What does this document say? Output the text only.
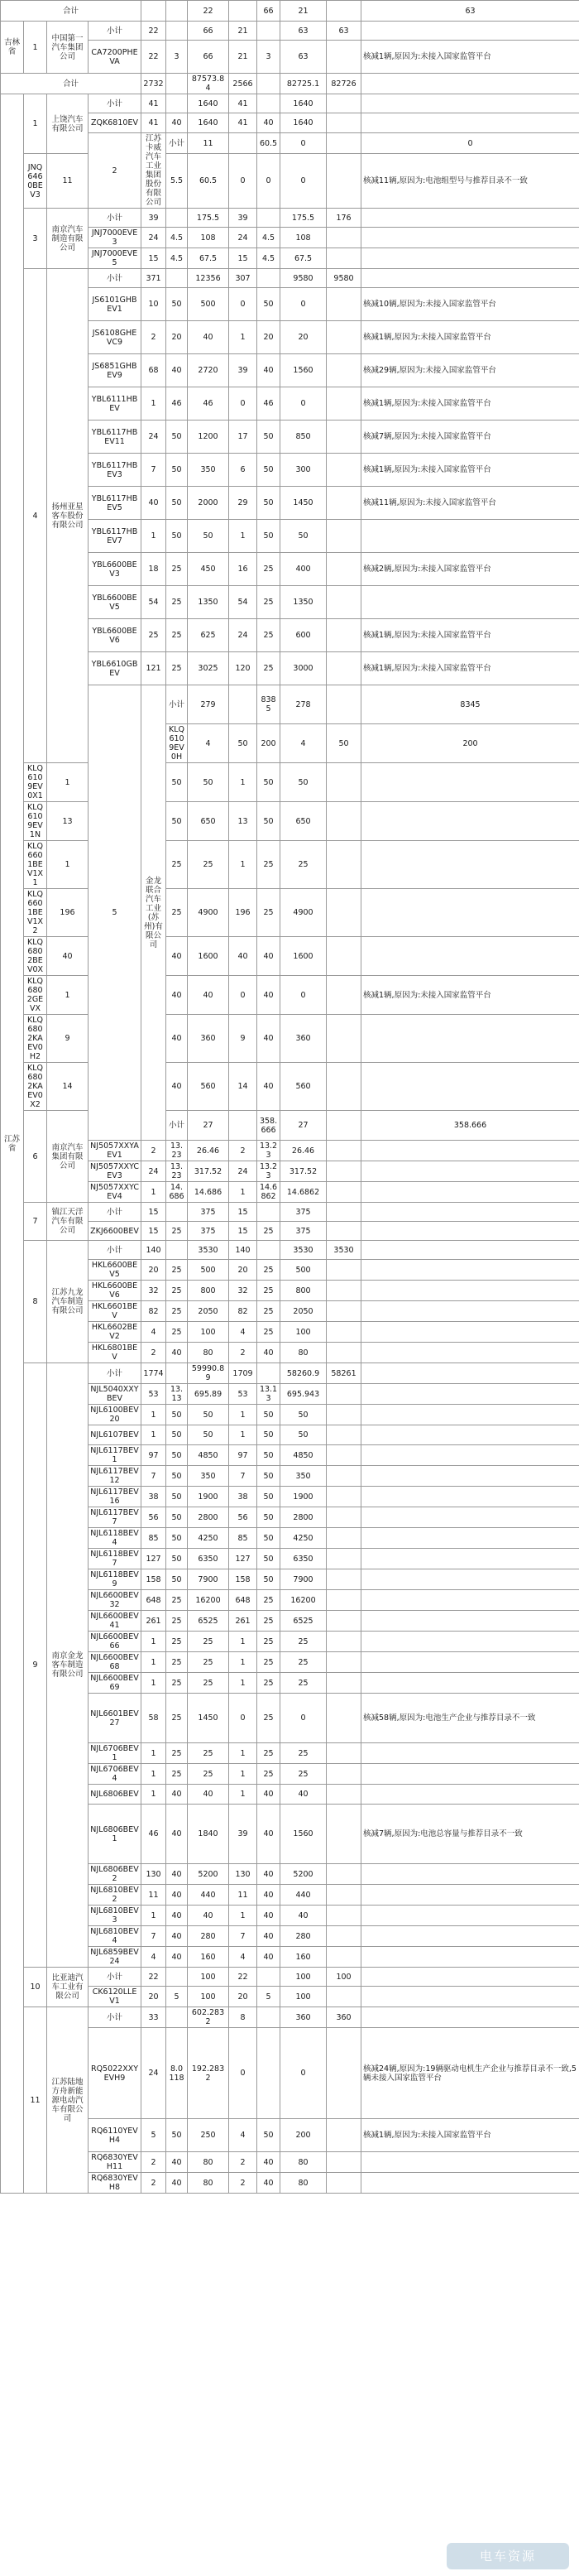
合计						22		66	21		63		
吉林省	1	中国第一汽车集团公司	小计	22		66	21		63	63		
			CA7200PHEVA	22	3	66	21	3	63		核减1辆,原因为:未接入国家监管平台	
合计				2732		87573.84	2566		82725.1	82726		
江苏省	1	上饶汽车有限公司	小计	41		1640	41		1640			
			ZQK6810EV	41	40	1640	41	40	1640			
			2	江苏卡威汽车工业集团股份有限公司	小计	11		60.5	0		0		
	JNQ6460BEV3	11			5.5	60.5	0	0	0		核减11辆,原因为:电池组型号与推荐目录不一致	
	3	南京汽车制造有限公司	小计	39		175.5	39		175.5	176		
			JNJ7000EVE3	24	4.5	108	24	4.5	108			
			JNJ7000EVE5	15	4.5	67.5	15	4.5	67.5			
	4	扬州亚星客车股份有限公司	小计	371		12356	307		9580	9580		
			JS6101GHBEV1	10	50	500	0	50	0		核减10辆,原因为:未接入国家监管平台	
			JS6108GHEVC9	2	20	40	1	20	20		核减1辆,原因为:未接入国家监管平台	
			JS6851GHBEV9	68	40	2720	39	40	1560		核减29辆,原因为:未接入国家监管平台	
			YBL6111HBEV	1	46	46	0	46	0		核减1辆,原因为:未接入国家监管平台	
			YBL6117HBEV11	24	50	1200	17	50	850		核减7辆,原因为:未接入国家监管平台	
			YBL6117HBEV3	7	50	350	6	50	300		核减1辆,原因为:未接入国家监管平台	
			YBL6117HBEV5	40	50	2000	29	50	1450		核减11辆,原因为:未接入国家监管平台	
			YBL6117HBEV7	1	50	50	1	50	50			
			YBL6600BEV3	18	25	450	16	25	400		核减2辆,原因为:未接入国家监管平台	
			YBL6600BEV5	54	25	1350	54	25	1350			
			YBL6600BEV6	25	25	625	24	25	600		核减1辆,原因为:未接入国家监管平台	
			YBL6610GBEV	121	25	3025	120	25	3000		核减1辆,原因为:未接入国家监管平台	
			5	金龙联合汽车工业(苏州)有限公司	小计	279		8385	278		8345		
					KLQ6109EV0H	4	50	200	4	50	200		
	KLQ6109EV0X1	1			50	50	1	50	50			
	KLQ6109EV1N	13			50	650	13	50	650			
	KLQ6601BEV1X1	1			25	25	1	25	25			
	KLQ6601BEV1X2	196			25	4900	196	25	4900			
	KLQ6802BEV0X	40			40	1600	40	40	1600			
	KLQ6802GEVX	1			40	40	0	40	0		核减1辆,原因为:未接入国家监管平台	
	KLQ6802KAEV0H2	9			40	360	9	40	360			
	KLQ6802KAEV0X2	14			40	560	14	40	560			
	6	南京汽车集团有限公司			小计	27		358.666	27		358.666		
			NJ5057XXYAEV1	2	13.23	26.46	2	13.23	26.46			
			NJ5057XXYCEV3	24	13.23	317.52	24	13.23	317.52			
			NJ5057XXYCEV4	1	14.686	14.686	1	14.6862	14.6862			
	7	镇江天洋汽车有限公司	小计	15		375	15		375			
			ZKJ6600BEV	15	25	375	15	25	375			
	8	江苏九龙汽车制造有限公司	小计	140		3530	140		3530	3530		
			HKL6600BEV5	20	25	500	20	25	500			
			HKL6600BEV6	32	25	800	32	25	800			
			HKL6601BEV	82	25	2050	82	25	2050			
			HKL6602BEV2	4	25	100	4	25	100			
			HKL6801BEV	2	40	80	2	40	80			
	9	南京金龙客车制造有限公司	小计	1774		59990.89	1709		58260.9	58261		
			NJL5040XXYBEV	53	13.13	695.89	53	13.13	695.943			
			NJL6100BEV20	1	50	50	1	50	50			
			NJL6107BEV	1	50	50	1	50	50			
			NJL6117BEV1	97	50	4850	97	50	4850			
			NJL6117BEV12	7	50	350	7	50	350			
			NJL6117BEV16	38	50	1900	38	50	1900			
			NJL6117BEV7	56	50	2800	56	50	2800			
			NJL6118BEV4	85	50	4250	85	50	4250			
			NJL6118BEV7	127	50	6350	127	50	6350			
			NJL6118BEV9	158	50	7900	158	50	7900			
			NJL6600BEV32	648	25	16200	648	25	16200			
			NJL6600BEV41	261	25	6525	261	25	6525			
			NJL6600BEV66	1	25	25	1	25	25			
			NJL6600BEV68	1	25	25	1	25	25			
			NJL6600BEV69	1	25	25	1	25	25			
			NJL6601BEV27	58	25	1450	0	25	0		核减58辆,原因为:电池生产企业与推荐目录不一致	
			NJL6706BEV1	1	25	25	1	25	25			
			NJL6706BEV4	1	25	25	1	25	25			
			NJL6806BEV	1	40	40	1	40	40			
			NJL6806BEV1	46	40	1840	39	40	1560		核减7辆,原因为:电池总容量与推荐目录不一致	
			NJL6806BEV2	130	40	5200	130	40	5200			
			NJL6810BEV2	11	40	440	11	40	440			
			NJL6810BEV3	1	40	40	1	40	40			
			NJL6810BEV4	7	40	280	7	40	280			
			NJL6859BEV24	4	40	160	4	40	160			
	10	比亚迪汽车工业有限公司	小计	22		100	22		100	100		
			CK6120LLEV1	20	5	100	20	5	100			
	11	江苏陆地方舟新能源电动汽车有限公司	小计	33		602.2832	8		360	360		
			RQ5022XXYEVH9	24	8.0118	192.2832	0		0		核减24辆,原因为:19辆驱动电机生产企业与推荐目录不一致,5辆未接入国家监管平台	
			RQ6110YEVH4	5	50	250	4	50	200		核减1辆,原因为:未接入国家监管平台	
			RQ6830YEVH11	2	40	80	2	40	80			
			RQ6830YEVH8	2	40	80	2	40	80			
电车资源
